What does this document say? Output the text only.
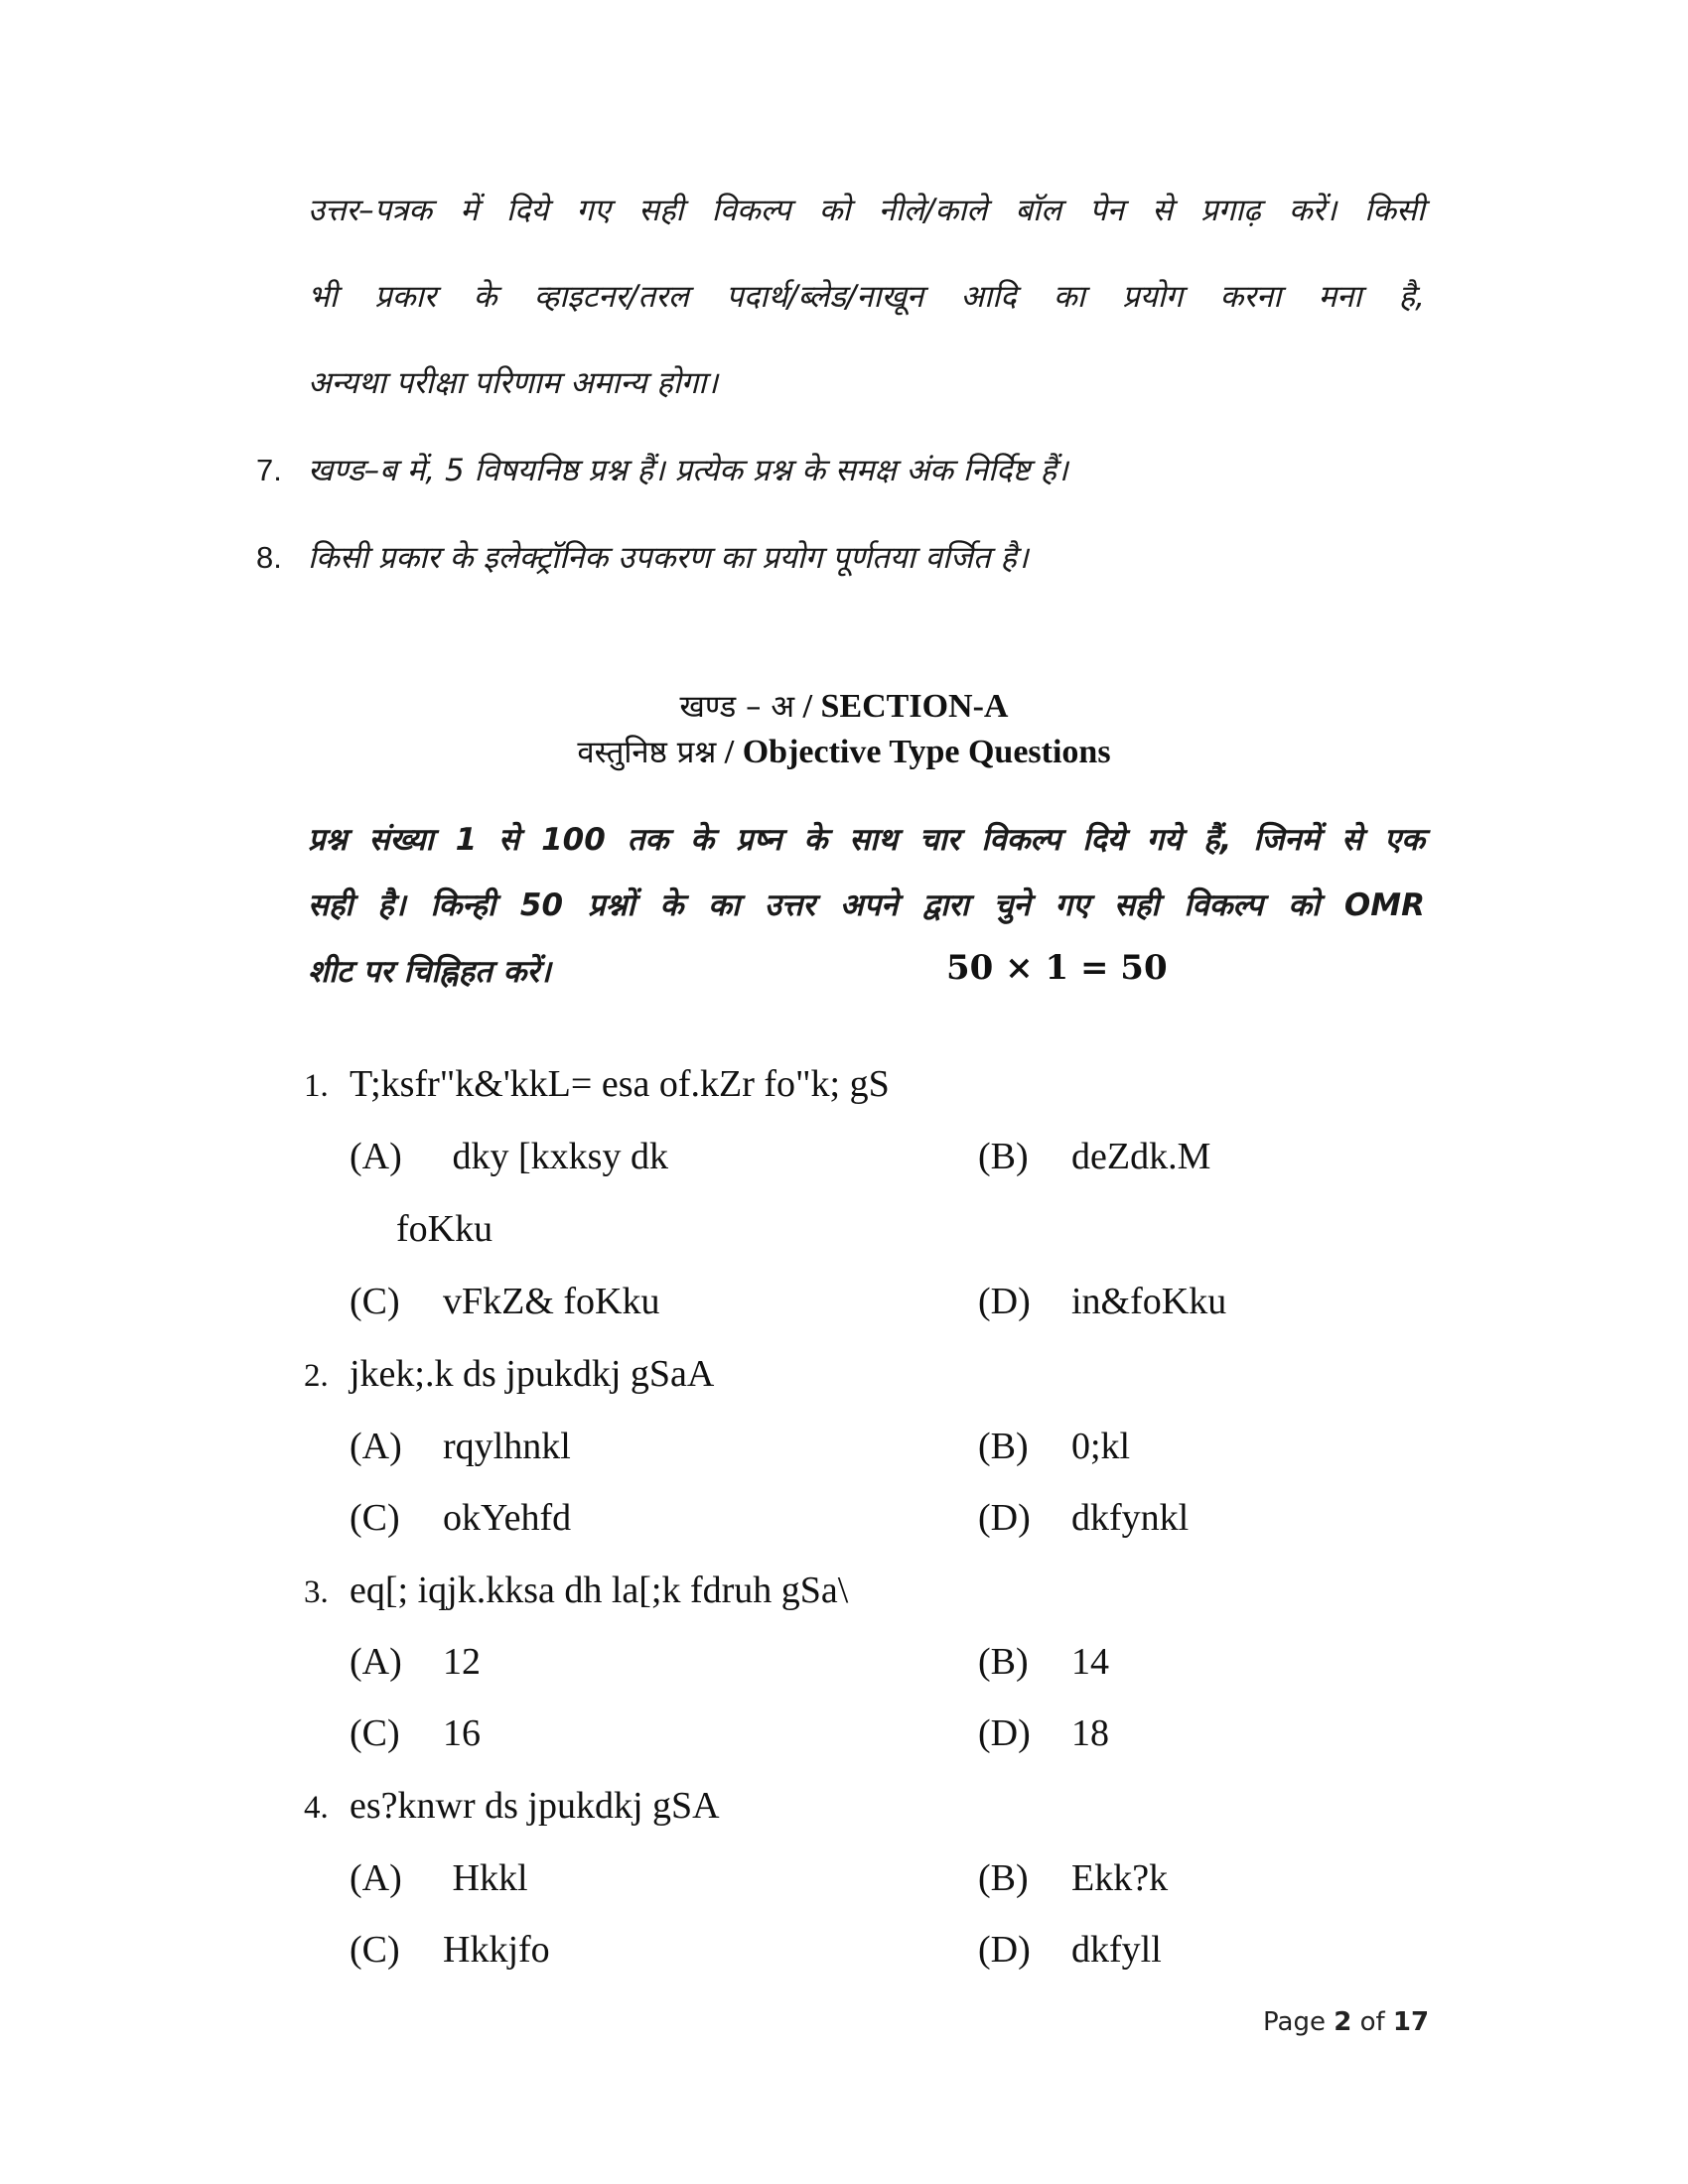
उत्तर–पत्रक में दिये गए सही विकल्प को नीले/काले बॉल पेन से प्रगाढ़ करें। किसी
भी प्रकार के व्हाइटनर/तरल पदार्थ/ब्लेड/नाखून आदि का प्रयोग करना मना है,
अन्यथा परीक्षा परिणाम अमान्य होगा।
7. खण्ड–ब में, 5 विषयनिष्ठ प्रश्न हैं। प्रत्येक प्रश्न के समक्ष अंक निर्दिष्ट हैं।
8. किसी प्रकार के इलेक्ट्रॉनिक उपकरण का प्रयोग पूर्णतया वर्जित है।
खण्ड – अ / SECTION-A
वस्तुनिष्ठ प्रश्न / Objective Type Questions
प्रश्न संख्या 1 से 100 तक के प्रष्न के साथ चार विकल्प दिये गये हैं, जिनमें से एक
सही है। किन्ही 50 प्रश्नों के का उत्तर अपने द्वारा चुने गए सही विकल्प को OMR
शीट पर चिह्निहत करें।	50 × 1 = 50
1. T;ksfr"k&'kkL= esa of.kZr fo"k; gS
(A) dky [kxksy dk	(B) deZdk.M
foKku
(C) vFkZ& foKku	(D) in&foKku
2. jkek;.k ds jpukdkj gSaA
(A) rqylhnkl	(B) 0;kl
(C) okYehfd	(D) dkfynkl
3. eq[; iqjk.kksa dh la[;k fdruh gSa\
(A) 12	(B) 14
(C) 16	(D) 18
4. es?knwr ds jpukdkj gSA
(A) Hkkl	(B) Ekk?k
(C) Hkkjfo	(D) dkfyll
Page 2 of 17
